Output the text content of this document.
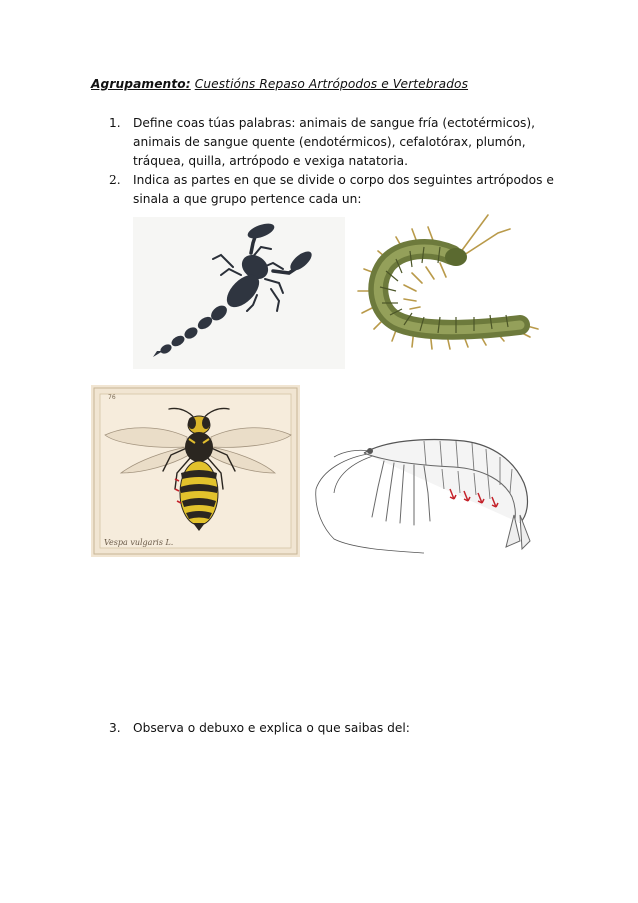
Agrupamento: Cuestións Repaso Artrópodos e Vertebrados
1. Define coas túas palabras: animais de sangue fría (ectotérmicos),
animais de sangue quente (endotérmicos), cefalotórax, plumón,
tráquea, quilla, artrópodo e vexiga natatoria.
2. Indica as partes en que se divide o corpo dos seguintes artrópodos e
sinala a que grupo pertence cada un:
76
Vespa vulgaris L.
3. Observa o debuxo e explica o que saibas del:
